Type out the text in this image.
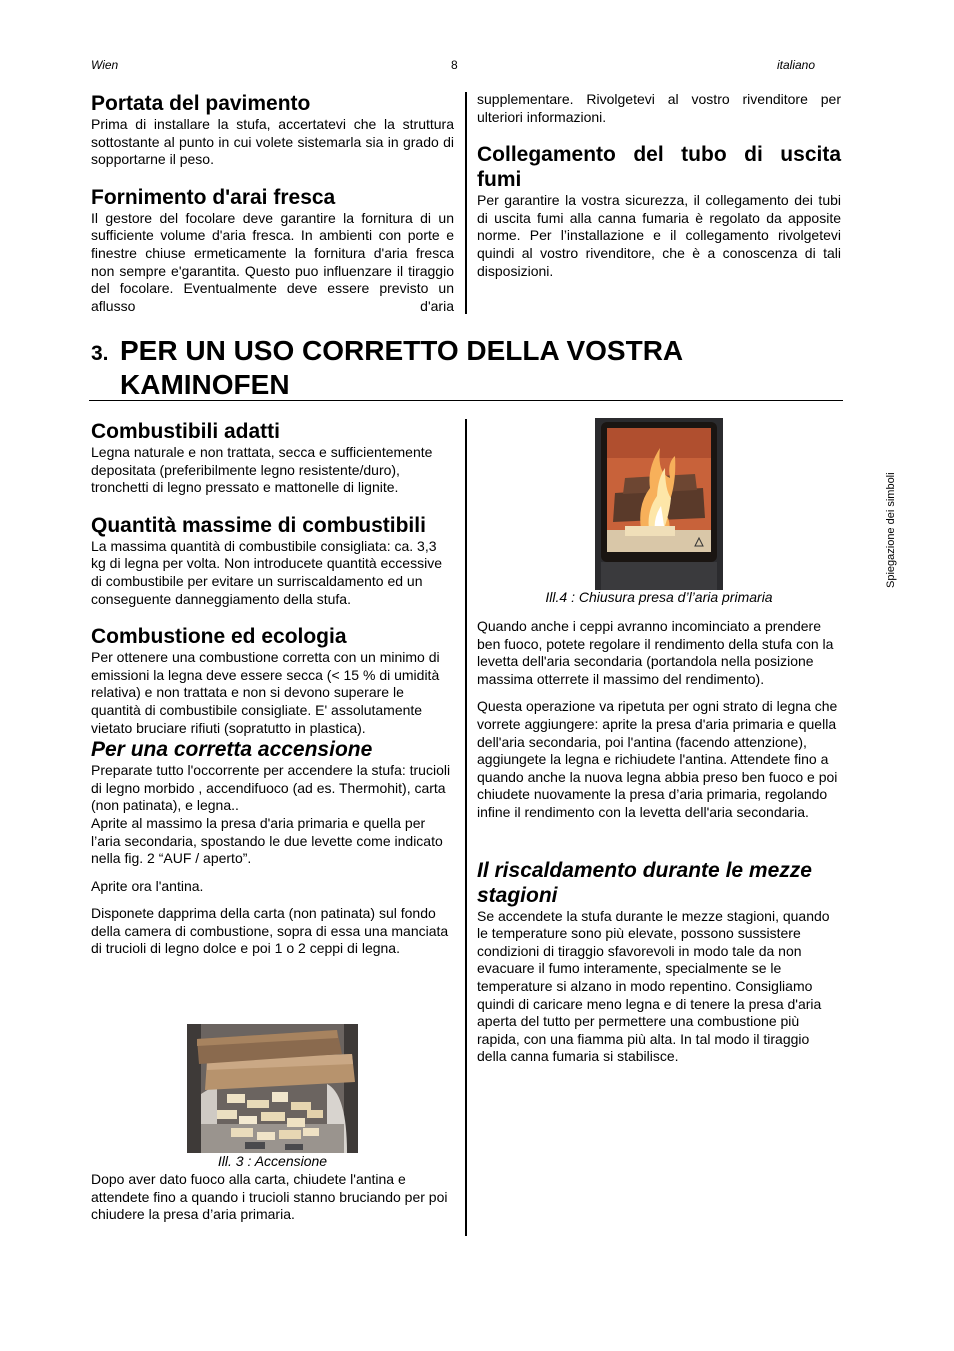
Wien	8	italiano
Portata del pavimento

Prima di installare la stufa, accertatevi che la struttura sottostante al punto in cui volete sistemarla sia in grado di sopportarne il peso.

Fornimento d'arai fresca

Il gestore del focolare deve garantire la fornitura di un sufficiente volume d'aria fresca. In ambienti con porte e finestre chiuse ermeticamente la fornitura d'aria fresca non sempre e'garantita. Questo puo influenzare il tiraggio del focolare. Eventualmente deve essere previsto un aflusso d'aria

supplementare. Rivolgetevi al vostro rivenditore per ulteriori informazioni.

Collegamento del tubo di uscita fumi

Per garantire la vostra sicurezza, il collegamento dei tubi di uscita fumi alla canna fumaria è regolato da apposite norme. Per l’installazione e il collegamento rivolgetevi quindi al vostro rivenditore, che è a conoscenza di tali disposizioni.

3. PER UN USO CORRETTO DELLA VOSTRA
KAMINOFEN
Combustibili adatti

Legna naturale e non trattata, secca e sufficientemente depositata (preferibilmente legno resistente/duro), tronchetti di legno pressato e mattonelle di lignite.

Quantità massime di combustibili

La massima quantità di combustibile consigliata: ca. 3,3 kg di legna per volta. Non introducete quantità eccessive di combustibile per evitare un surriscaldamento ed un conseguente danneggiamento della stufa.

Combustione ed ecologia

Per ottenere una combustione corretta con un minimo di emissioni la legna deve essere secca (< 15 % di umidità relativa) e non trattata e non si devono superare le quantità di combustibile consigliate. E' assolutamente vietato bruciare rifiuti (sopratutto in plastica).

Per una corretta accensione

Preparate tutto l'occorrente per accendere la stufa: trucioli di legno morbido , accendifuoco (ad es. Thermohit), carta (non patinata), e legna..

Aprite al massimo la presa d'aria primaria e quella per l’aria secondaria, spostando le due levette come indicato nella fig. 2 “AUF / aperto”.

Aprite ora l'antina.

Disponete dapprima della carta (non patinata) sul fondo della camera di combustione, sopra di essa una manciata di trucioli di legno dolce e poi 1 o 2 ceppi di legna.

Ill. 3 : Accensione

Dopo aver dato fuoco alla carta, chiudete l'antina e attendete fino a quando i trucioli stanno bruciando per poi chiudere la presa d’aria primaria.

Ill.4 : Chiusura presa d’l’aria primaria

Quando anche i ceppi avranno incominciato a prendere ben fuoco, potete regolare il rendimento della stufa con la levetta dell'aria secondaria (portandola nella posizione massima otterrete il massimo del rendimento).

Questa operazione va ripetuta per ogni strato di legna che vorrete aggiungere: aprite la presa d'aria primaria e quella dell'aria secondaria, poi l'antina (facendo attenzione), aggiungete la legna e richiudete l'antina. Attendete fino a quando anche la nuova legna abbia preso ben fuoco e poi chiudete nuovamente la presa d’aria primaria, regolando infine il rendimento con la levetta dell'aria secondaria.

Il riscaldamento durante le mezze stagioni

Se accendete la stufa durante le mezze stagioni, quando le temperature sono più elevate, possono sussistere condizioni di tiraggio sfavorevoli in modo tale da non evacuare il fumo interamente, specialmente se le temperature si alzano in modo repentino. Consigliamo quindi di caricare meno legna e di tenere la presa d'aria aperta del tutto per permettere una combustione più rapida, con una fiamma più alta. In tal modo il tiraggio della canna fumaria si stabilisce.

Spiegazione dei simboli
